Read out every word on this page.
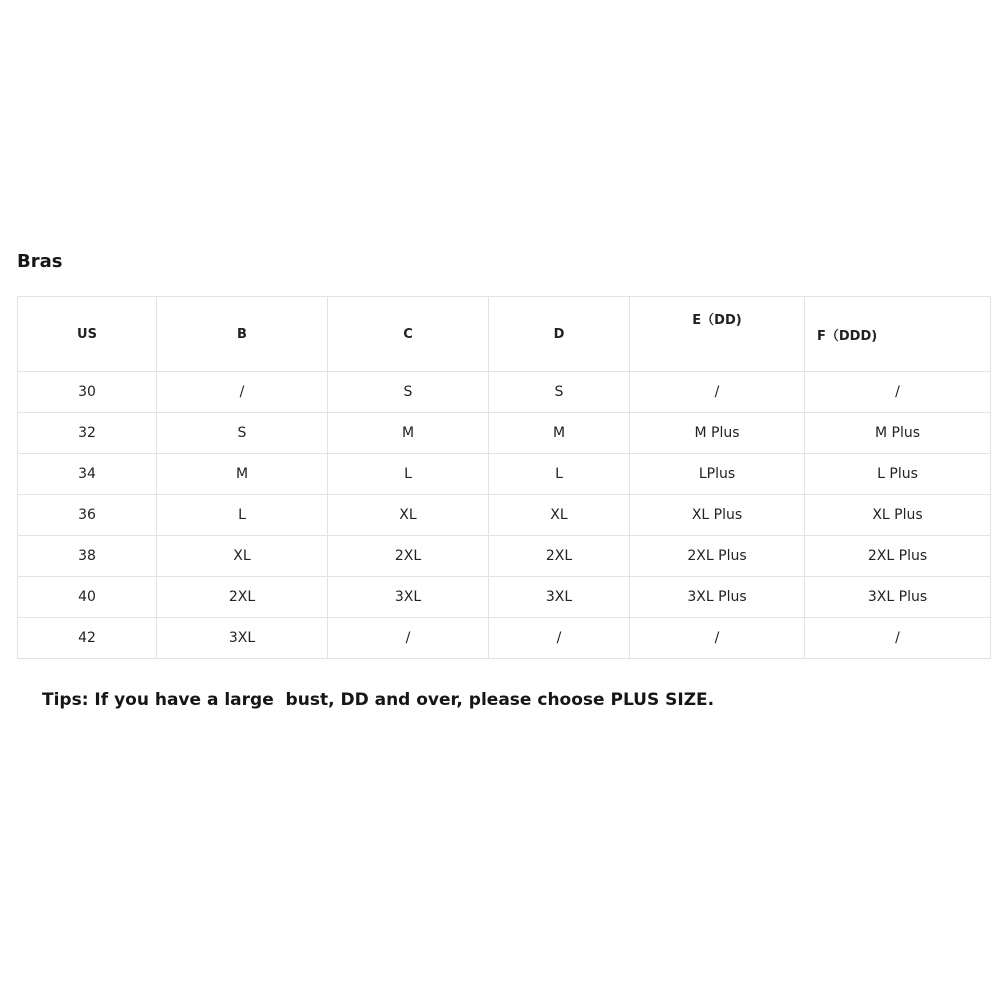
Bras
US	B	C	D	E（DD)	F（DDD)
30	/	S	S	/	/
32	S	M	M	M Plus	M Plus
34	M	L	L	LPlus	L Plus
36	L	XL	XL	XL Plus	XL Plus
38	XL	2XL	2XL	2XL Plus	2XL Plus
40	2XL	3XL	3XL	3XL Plus	3XL Plus
42	3XL	/	/	/	/

Tips: If you have a large  bust, DD and over, please choose PLUS SIZE.
